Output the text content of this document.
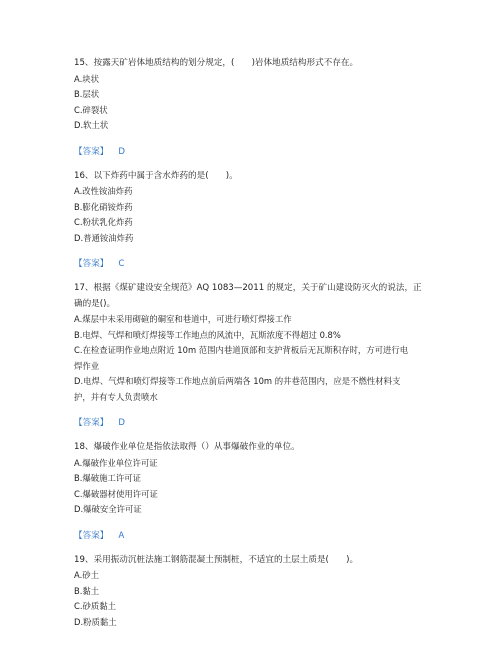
15、按露天矿岩体地质结构的划分规定，(　　)岩体地质结构形式不存在。

A.块状

B.层状

C.碎裂状

D.软土状

【答案】 D

16、以下炸药中属于含水炸药的是(　　)。

A.改性铵油炸药

B.膨化硝铵炸药

C.粉状乳化炸药

D.普通铵油炸药

【答案】 C

17、根据《煤矿建设安全规范》AQ 1083—2011 的规定，关于矿山建设防灭火的说法，正

确的是()。

A.煤层中未采用砌碹的硐室和巷道中，可进行喷灯焊接工作

B.电焊、气焊和喷灯焊接等工作地点的风流中，瓦斯浓度不得超过 0.8%

C.在检查证明作业地点附近 10m 范围内巷道顶部和支护背板后无瓦斯积存时，方可进行电

焊作业

D.电焊、气焊和喷灯焊接等工作地点前后两端各 10m 的井巷范围内，应是不燃性材料支

护，并有专人负责喷水

【答案】 D

18、爆破作业单位是指依法取得（）从事爆破作业的单位。

A.爆破作业单位许可证

B.爆破施工许可证

C.爆破器材使用许可证

D.爆破安全许可证

【答案】 A

19、采用振动沉桩法施工钢筋混凝土预制桩，不适宜的土层土质是(　　)。

A.砂土

B.黏土

C.砂质黏土

D.粉质黏土
